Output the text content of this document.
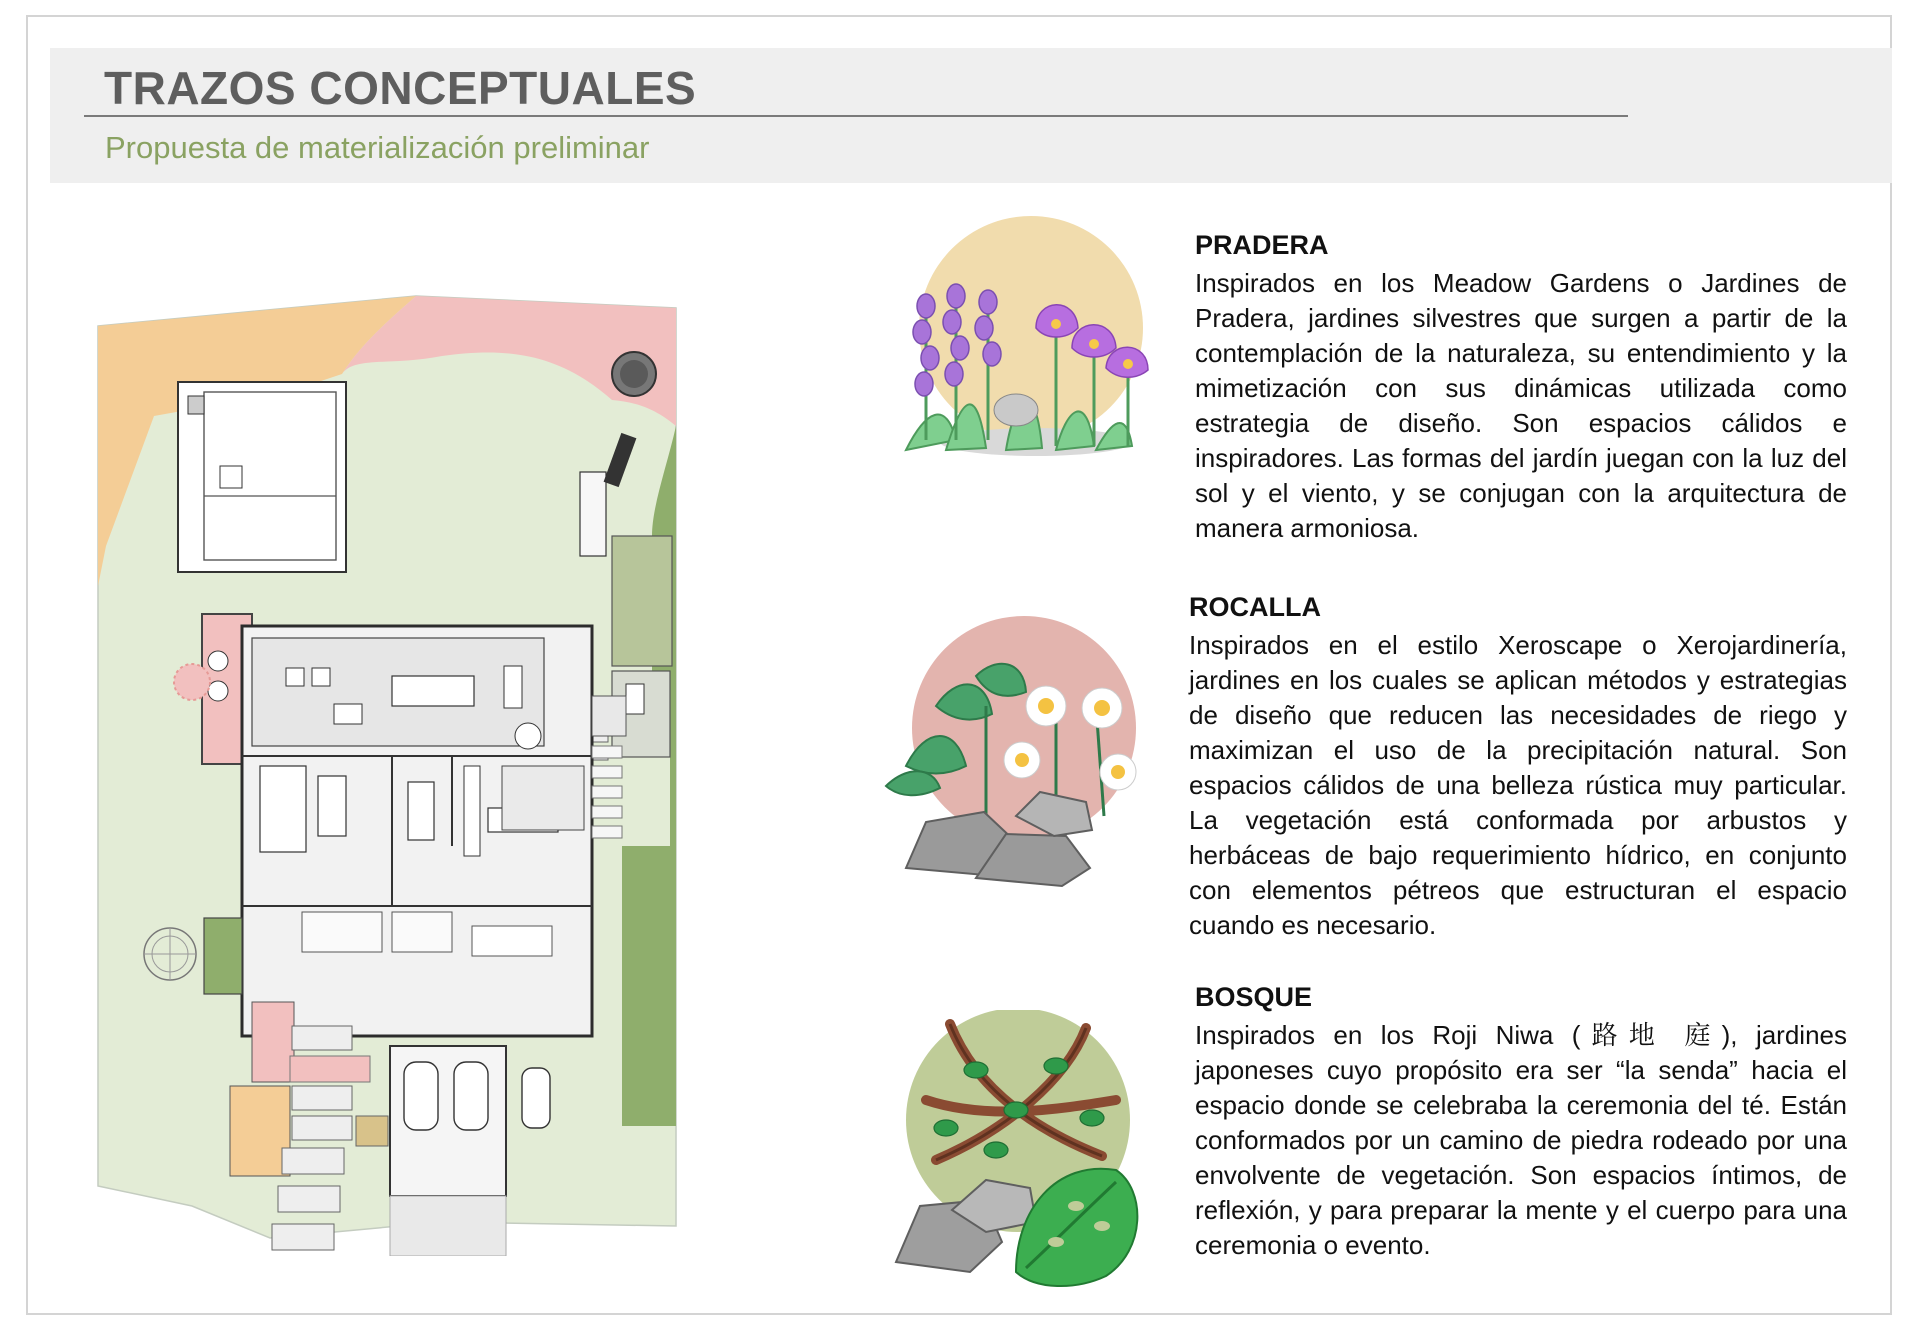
TRAZOS CONCEPTUALES

Propuesta de materialización preliminar

PRADERA

Inspirados en los Meadow Gardens o Jardines de Pradera, jardines silvestres que surgen a partir de la contemplación de la naturaleza, su entendimiento y la mimetización con sus dinámicas utilizada como estrategia de diseño. Son espacios cálidos e inspiradores. Las formas del jardín juegan con la luz del sol y el viento, y se conjugan con la arquitectura de manera armoniosa.

ROCALLA

Inspirados en el estilo Xeroscape o Xerojardinería, jardines en los cuales se aplican métodos y estrategias de diseño que reducen las necesidades de riego y maximizan el uso de la precipitación natural. Son espacios cálidos de una belleza rústica muy particular. La vegetación está conformada por arbustos y herbáceas de bajo requerimiento hídrico, en conjunto con elementos pétreos que estructuran el espacio cuando es necesario.

BOSQUE

Inspirados en los Roji Niwa (路地 庭), jardines japoneses cuyo propósito era ser “la senda” hacia el espacio donde se celebraba la ceremonia del té. Están conformados por un camino de piedra rodeado por una envolvente de vegetación. Son espacios íntimos, de reflexión, y para preparar la mente y el cuerpo para una ceremonia o evento.
